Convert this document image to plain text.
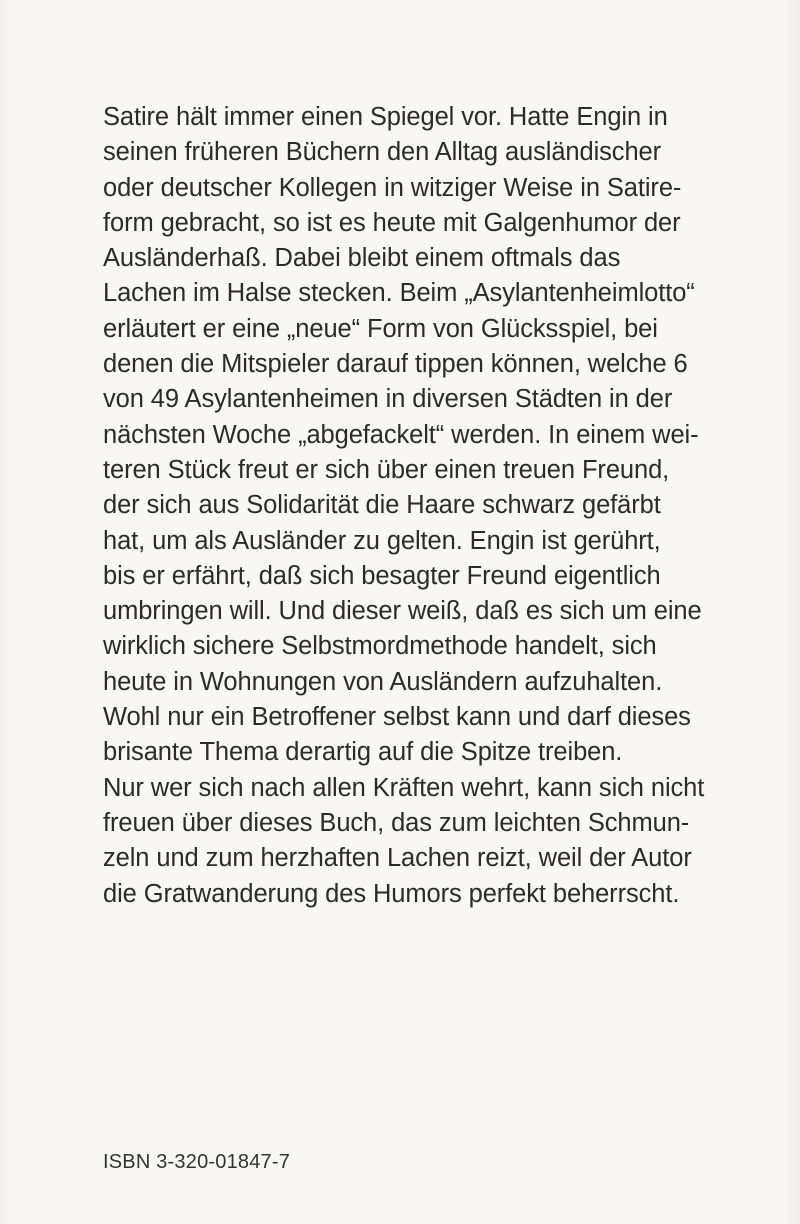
Satire hält immer einen Spiegel vor. Hatte Engin in
seinen früheren Büchern den Alltag ausländischer
oder deutscher Kollegen in witziger Weise in Satire-
form gebracht, so ist es heute mit Galgenhumor der
Ausländerhaß. Dabei bleibt einem oftmals das
Lachen im Halse stecken. Beim „Asylantenheimlotto“
erläutert er eine „neue“ Form von Glücksspiel, bei
denen die Mitspieler darauf tippen können, welche 6
von 49 Asylantenheimen in diversen Städten in der
nächsten Woche „abgefackelt“ werden. In einem wei-
teren Stück freut er sich über einen treuen Freund,
der sich aus Solidarität die Haare schwarz gefärbt
hat, um als Ausländer zu gelten. Engin ist gerührt,
bis er erfährt, daß sich besagter Freund eigentlich
umbringen will. Und dieser weiß, daß es sich um eine
wirklich sichere Selbstmordmethode handelt, sich
heute in Wohnungen von Ausländern aufzuhalten.
Wohl nur ein Betroffener selbst kann und darf dieses
brisante Thema derartig auf die Spitze treiben.
Nur wer sich nach allen Kräften wehrt, kann sich nicht
freuen über dieses Buch, das zum leichten Schmun-
zeln und zum herzhaften Lachen reizt, weil der Autor
die Gratwanderung des Humors perfekt beherrscht.
ISBN 3-320-01847-7
